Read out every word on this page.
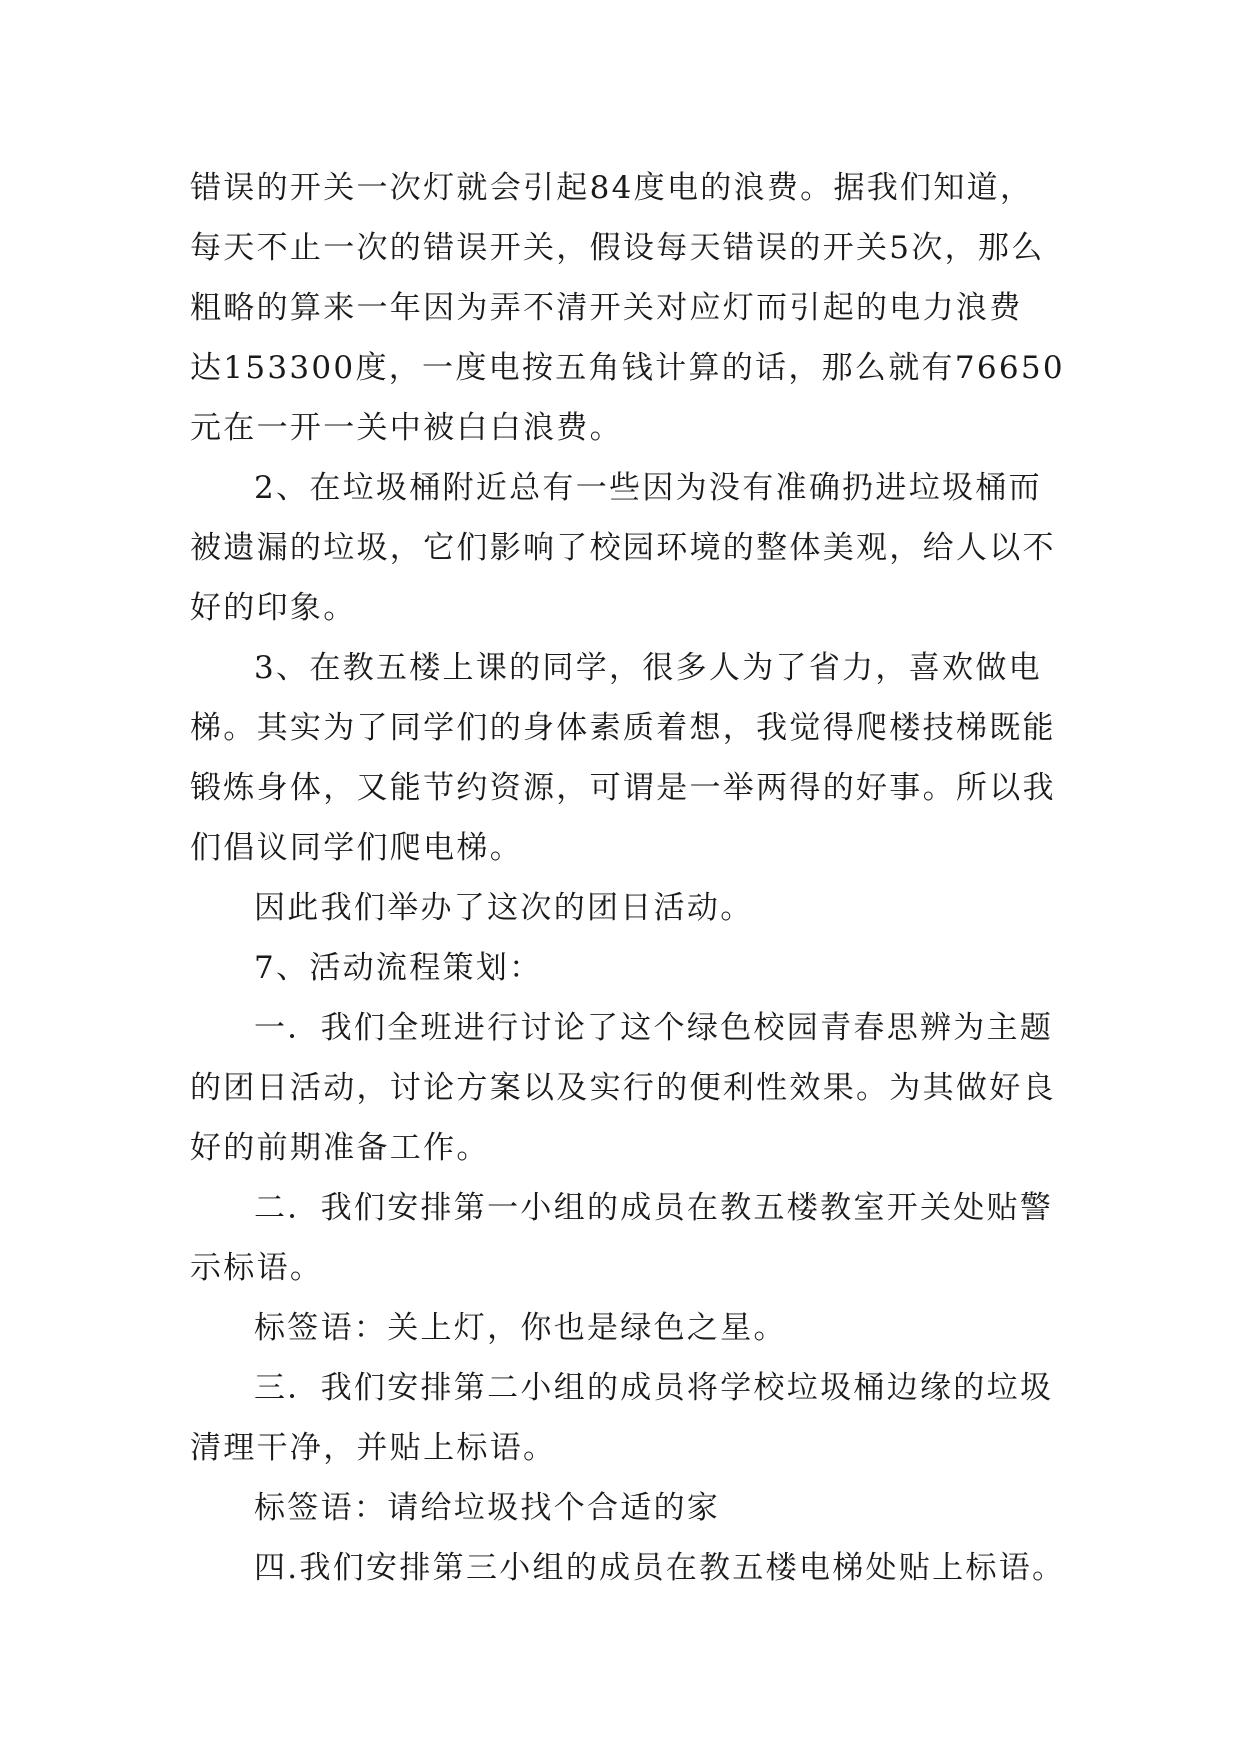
错误的开关一次灯就会引起84度电的浪费。据我们知道，
每天不止一次的错误开关，假设每天错误的开关5次，那么
粗略的算来一年因为弄不清开关对应灯而引起的电力浪费
达153300度，一度电按五角钱计算的话，那么就有76650
元在一开一关中被白白浪费。
2、在垃圾桶附近总有一些因为没有准确扔进垃圾桶而
被遗漏的垃圾，它们影响了校园环境的整体美观，给人以不
好的印象。
3、在教五楼上课的同学，很多人为了省力，喜欢做电
梯。其实为了同学们的身体素质着想，我觉得爬楼技梯既能
锻炼身体，又能节约资源，可谓是一举两得的好事。所以我
们倡议同学们爬电梯。
因此我们举办了这次的团日活动。
7、活动流程策划：
一．我们全班进行讨论了这个绿色校园青春思辨为主题
的团日活动，讨论方案以及实行的便利性效果。为其做好良
好的前期准备工作。
二．我们安排第一小组的成员在教五楼教室开关处贴警
示标语。
标签语：关上灯，你也是绿色之星。
三．我们安排第二小组的成员将学校垃圾桶边缘的垃圾
清理干净，并贴上标语。
标签语：请给垃圾找个合适的家
四.我们安排第三小组的成员在教五楼电梯处贴上标语。
